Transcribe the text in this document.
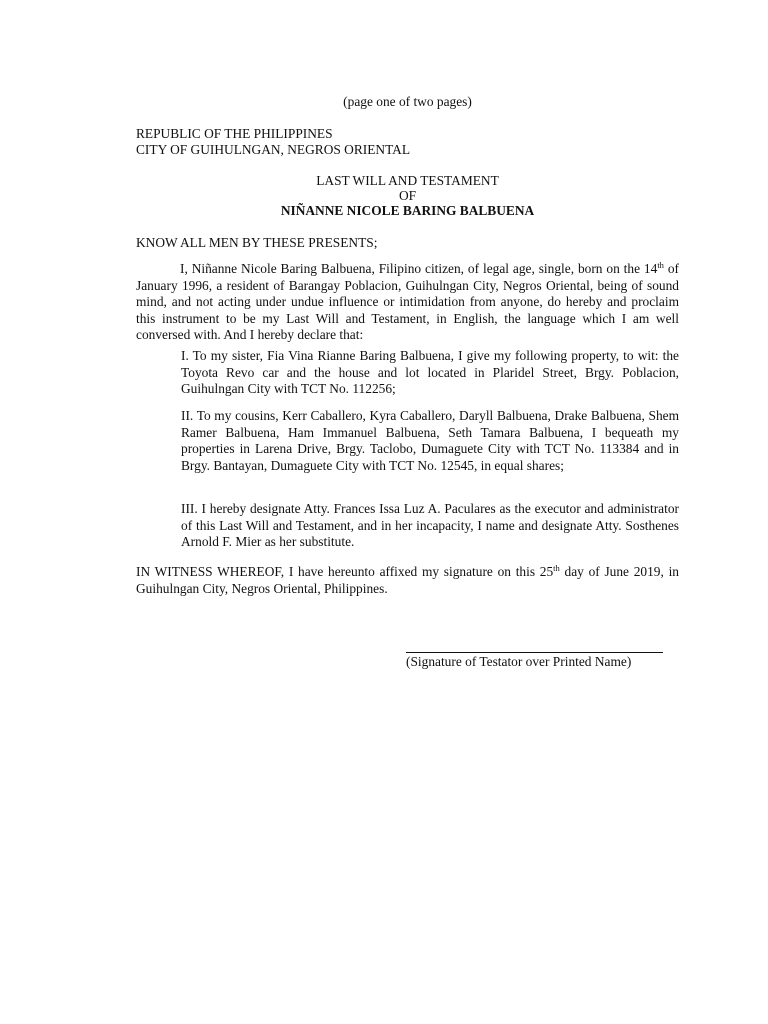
(page one of two pages)
REPUBLIC OF THE PHILIPPINES
CITY OF GUIHULNGAN, NEGROS ORIENTAL
LAST WILL AND TESTAMENT
OF
NIÑANNE NICOLE BARING BALBUENA
KNOW ALL MEN BY THESE PRESENTS;
I, Niñanne Nicole Baring Balbuena, Filipino citizen, of legal age, single, born on the 14th of January 1996, a resident of Barangay Poblacion, Guihulngan City, Negros Oriental, being of sound mind, and not acting under undue influence or intimidation from anyone, do hereby and proclaim this instrument to be my Last Will and Testament, in English, the language which I am well conversed with. And I hereby declare that:
I. To my sister, Fia Vina Rianne Baring Balbuena, I give my following property, to wit: the Toyota Revo car and the house and lot located in Plaridel Street, Brgy. Poblacion, Guihulngan City with TCT No. 112256;
II. To my cousins, Kerr Caballero, Kyra Caballero, Daryll Balbuena, Drake Balbuena, Shem Ramer Balbuena, Ham Immanuel Balbuena, Seth Tamara Balbuena, I bequeath my properties in Larena Drive, Brgy. Taclobo, Dumaguete City with TCT No. 113384 and in Brgy. Bantayan, Dumaguete City with TCT No. 12545, in equal shares;
III. I hereby designate Atty. Frances Issa Luz A. Paculares as the executor and administrator of this Last Will and Testament, and in her incapacity, I name and designate Atty. Sosthenes Arnold F. Mier as her substitute.
IN WITNESS WHEREOF, I have hereunto affixed my signature on this 25th day of June 2019, in Guihulngan City, Negros Oriental, Philippines.
(Signature of Testator over Printed Name)
